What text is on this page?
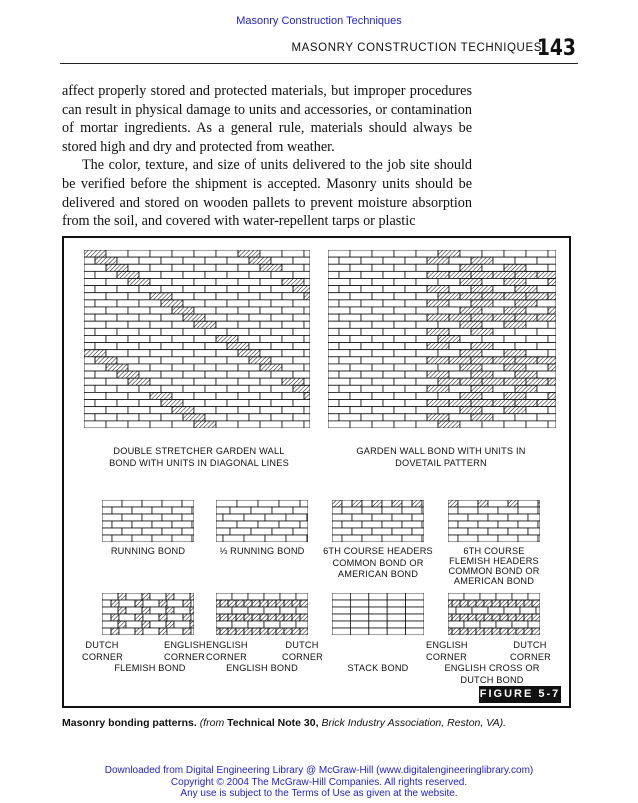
Masonry Construction Techniques
MASONRY CONSTRUCTION TECHNIQUES
143

affect properly stored and protected materials, but improper procedures can result in physical damage to units and accessories, or contamination of mortar ingredients. As a general rule, materials should always be stored high and dry and protected from weather.

The color, texture, and size of units delivered to the job site should be verified before the shipment is accepted. Masonry units should be delivered and stored on wooden pallets to prevent moisture absorption from the soil, and covered with water-repellent tarps or plastic

DOUBLE STRETCHER GARDEN WALL BOND WITH UNITS IN DIAGONAL LINES
GARDEN WALL BOND WITH UNITS IN DOVETAIL PATTERN
RUNNING BOND	⅓ RUNNING BOND	6TH COURSE HEADERS COMMON BOND OR AMERICAN BOND
6TH COURSE FLEMISH HEADERS COMMON BOND OR AMERICAN BOND
DUTCH CORNER
ENGLISH CORNER
FLEMISH BOND
ENGLISH CORNER
DUTCH CORNER
ENGLISH BOND	STACK BOND
ENGLISH CORNER
DUTCH CORNER
ENGLISH CROSS OR DUTCH BOND
FIGURE 5-7
Masonry bonding patterns. (from Technical Note 30, Brick Industry Association, Reston, VA).
Downloaded from Digital Engineering Library @ McGraw-Hill (www.digitalengineeringlibrary.com)
Copyright © 2004 The McGraw-Hill Companies. All rights reserved.
Any use is subject to the Terms of Use as given at the website.
